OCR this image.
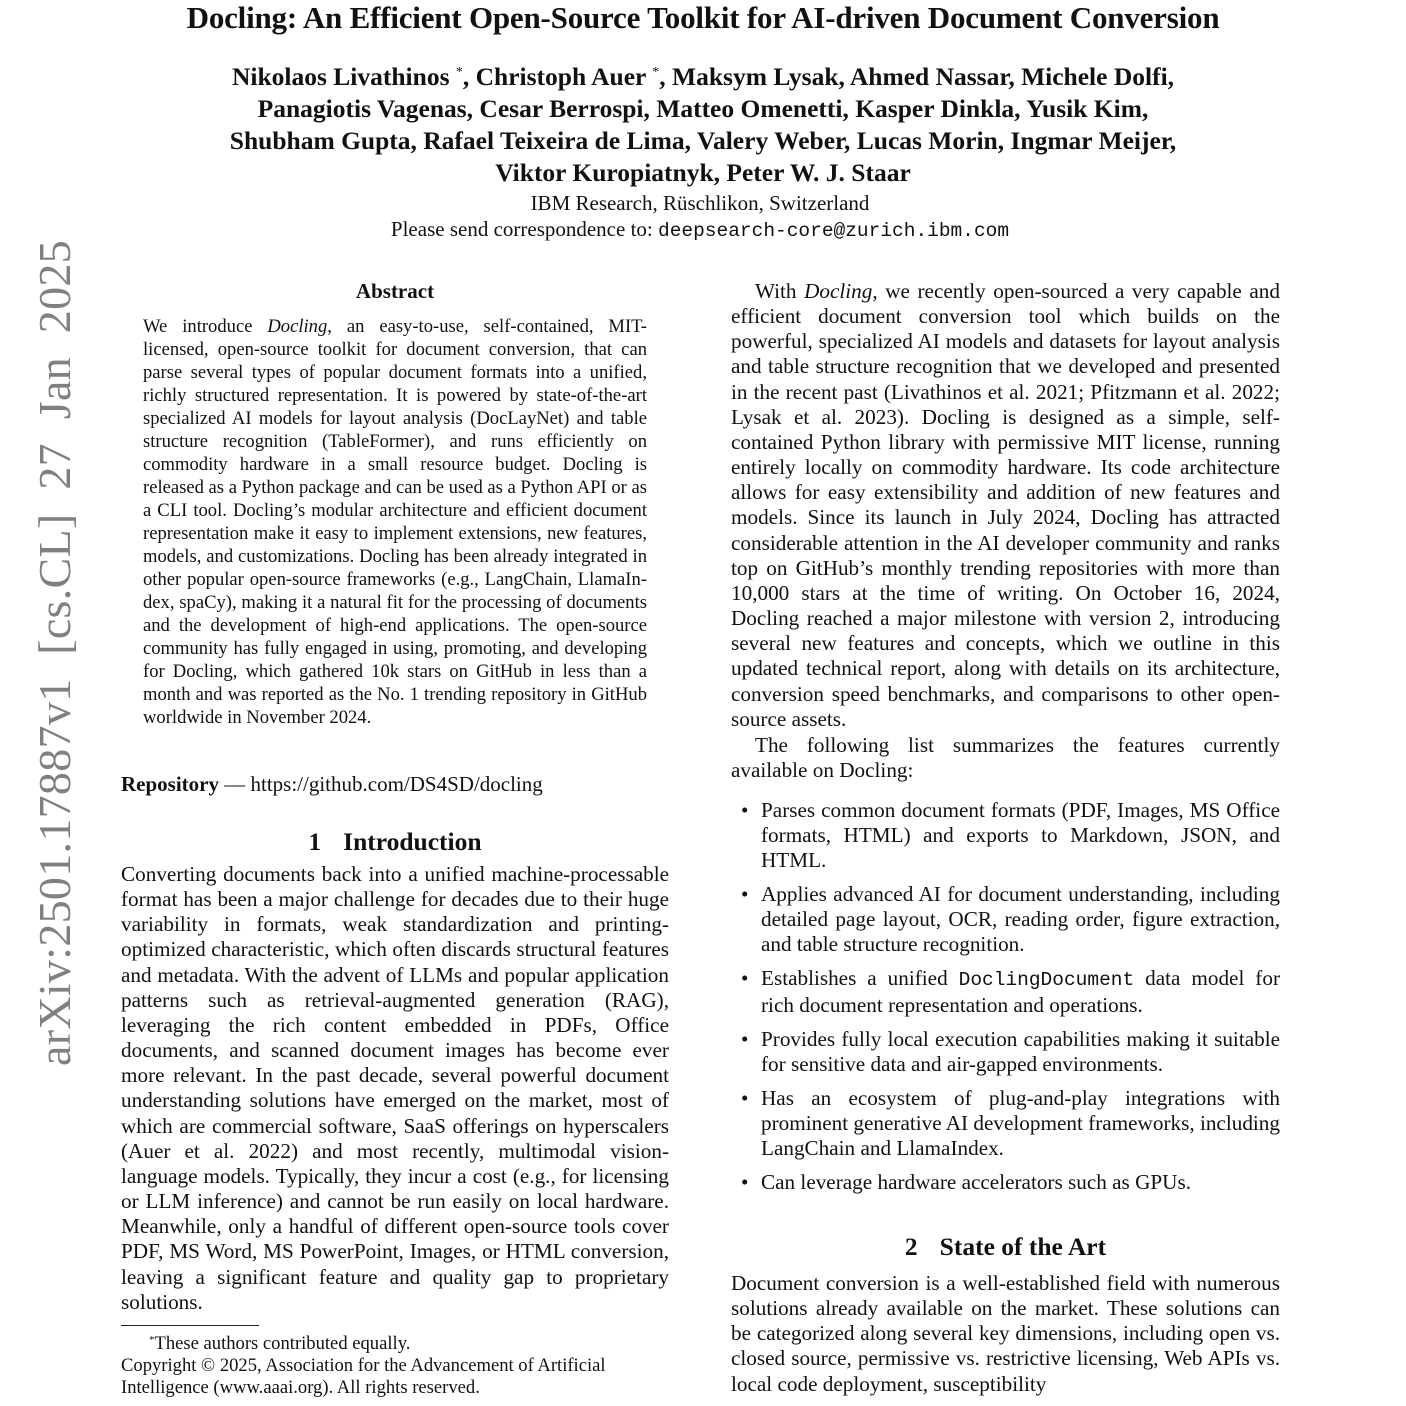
arXiv:2501.17887v1 [cs.CL] 27 Jan 2025
Docling: An Efficient Open-Source Toolkit for AI-driven Document Conversion
Nikolaos Livathinos *, Christoph Auer *, Maksym Lysak, Ahmed Nassar, Michele Dolfi,
Panagiotis Vagenas, Cesar Berrospi, Matteo Omenetti, Kasper Dinkla, Yusik Kim,
Shubham Gupta, Rafael Teixeira de Lima, Valery Weber, Lucas Morin, Ingmar Meijer,
Viktor Kuropiatnyk, Peter W. J. Staar
IBM Research, Rüschlikon, Switzerland
Please send correspondence to: deepsearch-core@zurich.ibm.com
Abstract
We introduce Docling, an easy-to-use, self-contained, MIT-licensed, open-source toolkit for document conversion, that can parse several types of popular document formats into a unified, richly structured representation. It is powered by state-of-the-art specialized AI models for layout analysis (DocLayNet) and table structure recognition (TableFormer), and runs efficiently on commodity hardware in a small resource budget. Docling is released as a Python package and can be used as a Python API or as a CLI tool. Docling’s modular architecture and efficient document representation make it easy to implement extensions, new features, models, and customizations. Docling has been already integrated in other popular open-source frameworks (e.g., LangChain, LlamaIndex, spaCy), making it a natural fit for the processing of documents and the development of high-end applications. The open-source community has fully engaged in using, promoting, and developing for Docling, which gathered 10k stars on GitHub in less than a month and was reported as the No. 1 trending repository in GitHub worldwide in November 2024.
Repository — https://github.com/DS4SD/docling
1 Introduction
Converting documents back into a unified machine-processable format has been a major challenge for decades due to their huge variability in formats, weak standardization and printing-optimized characteristic, which often discards structural features and metadata. With the advent of LLMs and popular application patterns such as retrieval-augmented generation (RAG), leveraging the rich content embedded in PDFs, Office documents, and scanned document images has become ever more relevant. In the past decade, several powerful document understanding solutions have emerged on the market, most of which are commercial software, SaaS offerings on hyperscalers (Auer et al. 2022) and most recently, multimodal vision-language models. Typically, they incur a cost (e.g., for licensing or LLM inference) and cannot be run easily on local hardware. Meanwhile, only a handful of different open-source tools cover PDF, MS Word, MS PowerPoint, Images, or HTML conversion, leaving a significant feature and quality gap to proprietary solutions.
*These authors contributed equally.
Copyright © 2025, Association for the Advancement of Artificial Intelligence (www.aaai.org). All rights reserved.
With Docling, we recently open-sourced a very capable and efficient document conversion tool which builds on the powerful, specialized AI models and datasets for layout analysis and table structure recognition that we developed and presented in the recent past (Livathinos et al. 2021; Pfitzmann et al. 2022; Lysak et al. 2023). Docling is designed as a simple, self-contained Python library with permissive MIT license, running entirely locally on commodity hardware. Its code architecture allows for easy extensibility and addition of new features and models. Since its launch in July 2024, Docling has attracted considerable attention in the AI developer community and ranks top on GitHub’s monthly trending repositories with more than 10,000 stars at the time of writing. On October 16, 2024, Docling reached a major milestone with version 2, introducing several new features and concepts, which we outline in this updated technical report, along with details on its architecture, conversion speed benchmarks, and comparisons to other open-source assets.
The following list summarizes the features currently available on Docling:
• Parses common document formats (PDF, Images, MS Office formats, HTML) and exports to Markdown, JSON, and HTML.
• Applies advanced AI for document understanding, including detailed page layout, OCR, reading order, figure extraction, and table structure recognition.
• Establishes a unified DoclingDocument data model for rich document representation and operations.
• Provides fully local execution capabilities making it suitable for sensitive data and air-gapped environments.
• Has an ecosystem of plug-and-play integrations with prominent generative AI development frameworks, including LangChain and LlamaIndex.
• Can leverage hardware accelerators such as GPUs.
2 State of the Art
Document conversion is a well-established field with numerous solutions already available on the market. These solutions can be categorized along several key dimensions, including open vs. closed source, permissive vs. restrictive licensing, Web APIs vs. local code deployment, susceptibility
